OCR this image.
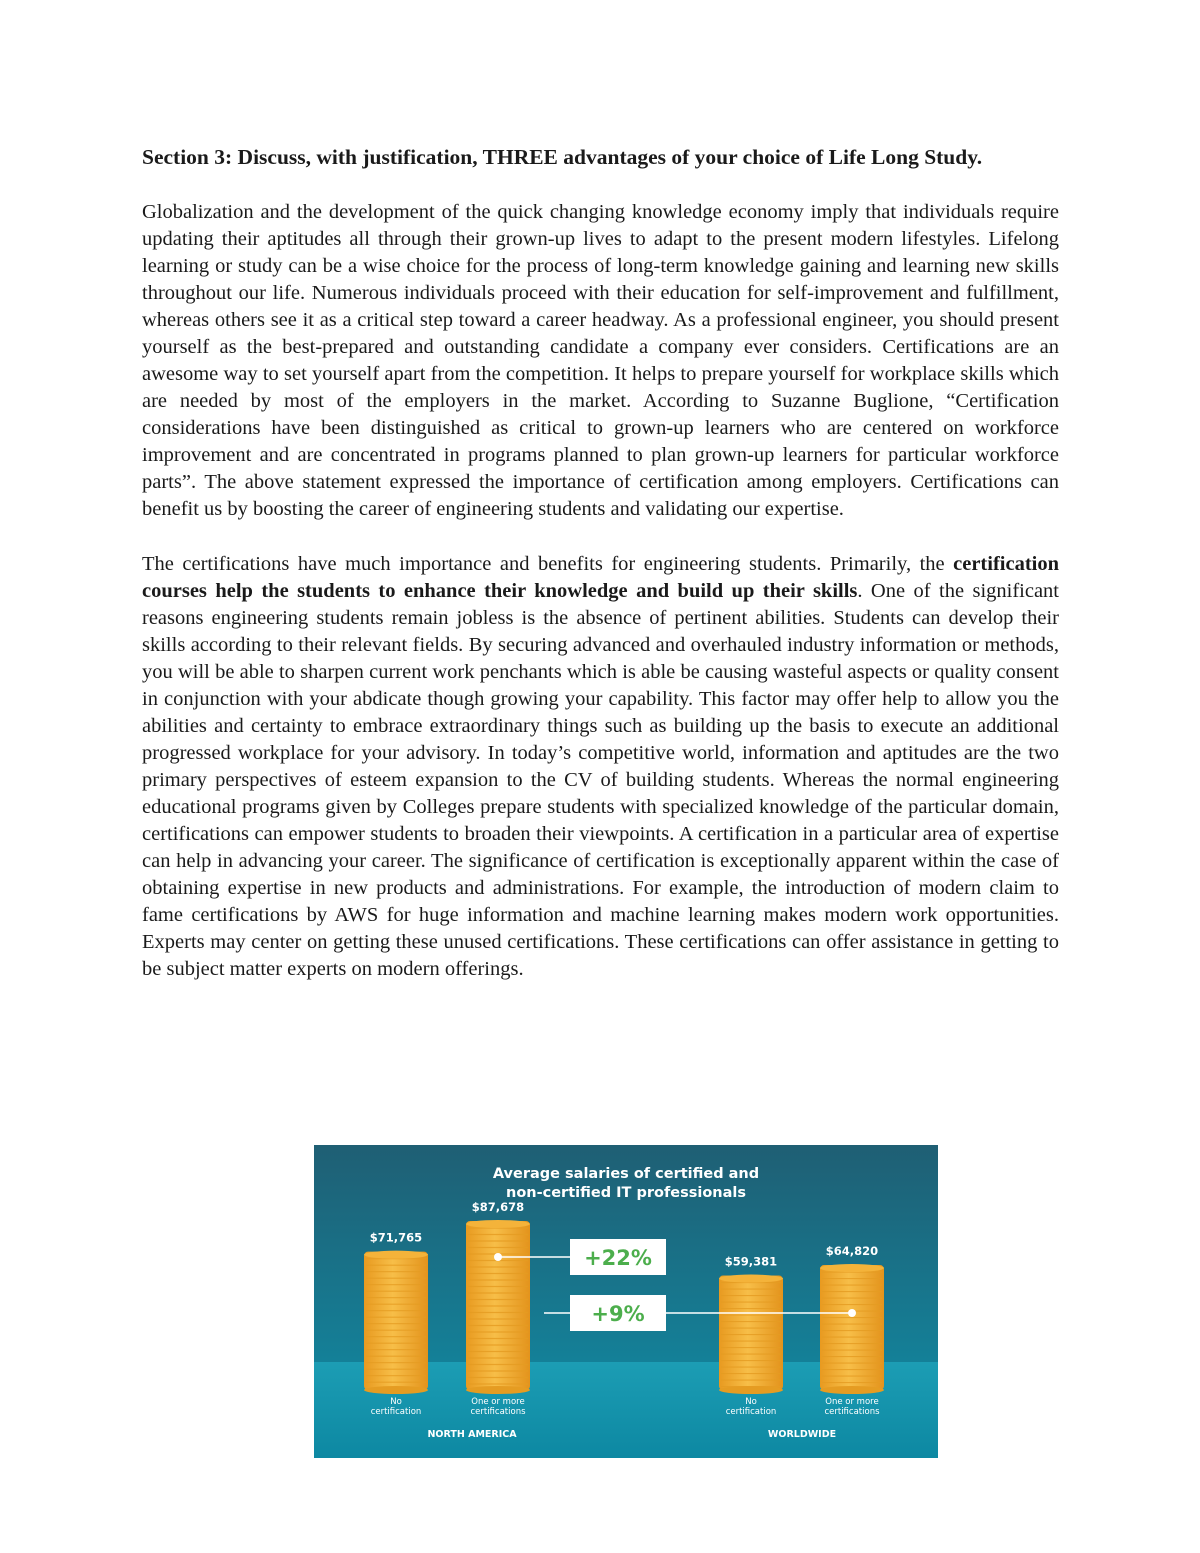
Section 3: Discuss, with justification, THREE advantages of your choice of Life Long Study.

Globalization and the development of the quick changing knowledge economy imply that individuals require updating their aptitudes all through their grown-up lives to adapt to the present modern lifestyles. Lifelong learning or study can be a wise choice for the process of long-term knowledge gaining and learning new skills throughout our life. Numerous individuals proceed with their education for self-improvement and fulfillment, whereas others see it as a critical step toward a career headway. As a professional engineer, you should present yourself as the best-prepared and outstanding candidate a company ever considers. Certifications are an awesome way to set yourself apart from the competition. It helps to prepare yourself for workplace skills which are needed by most of the employers in the market. According to Suzanne Buglione, “Certification considerations have been distinguished as critical to grown-up learners who are centered on workforce improvement and are concentrated in programs planned to plan grown-up learners for particular workforce parts”. The above statement expressed the importance of certification among employers. Certifications can benefit us by boosting the career of engineering students and validating our expertise.

The certifications have much importance and benefits for engineering students. Primarily, the certification courses help the students to enhance their knowledge and build up their skills. One of the significant reasons engineering students remain jobless is the absence of pertinent abilities. Students can develop their skills according to their relevant fields. By securing advanced and overhauled industry information or methods, you will be able to sharpen current work penchants which is able be causing wasteful aspects or quality consent in conjunction with your abdicate though growing your capability. This factor may offer help to allow you the abilities and certainty to embrace extraordinary things such as building up the basis to execute an additional progressed workplace for your advisory. In today’s competitive world, information and aptitudes are the two primary perspectives of esteem expansion to the CV of building students. Whereas the normal engineering educational programs given by Colleges prepare students with specialized knowledge of the particular domain, certifications can empower students to broaden their viewpoints. A certification in a particular area of expertise can help in advancing your career. The significance of certification is exceptionally apparent within the case of obtaining expertise in new products and administrations. For example, the introduction of modern claim to fame certifications by AWS for huge information and machine learning makes modern work opportunities. Experts may center on getting these unused certifications. These certifications can offer assistance in getting to be subject matter experts on modern offerings.

Average salaries of certified and
non-certified IT professionals
$71,765
No
certification
$87,678
One or more
certifications
NORTH AMERICA
$59,381
No
certification
$64,820
One or more
certifications
WORLDWIDE
+22%
+9%
